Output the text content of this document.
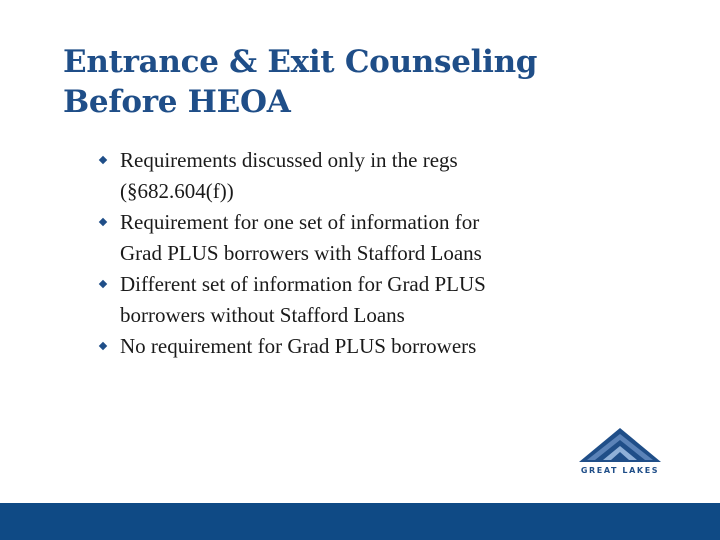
Entrance & Exit Counseling
Before HEOA
Requirements discussed only in the regs
(§682.604(f))
Requirement for one set of information for
Grad PLUS borrowers with Stafford Loans
Different set of information for Grad PLUS
borrowers without Stafford Loans
No requirement for Grad PLUS borrowers
GREAT LAKES
